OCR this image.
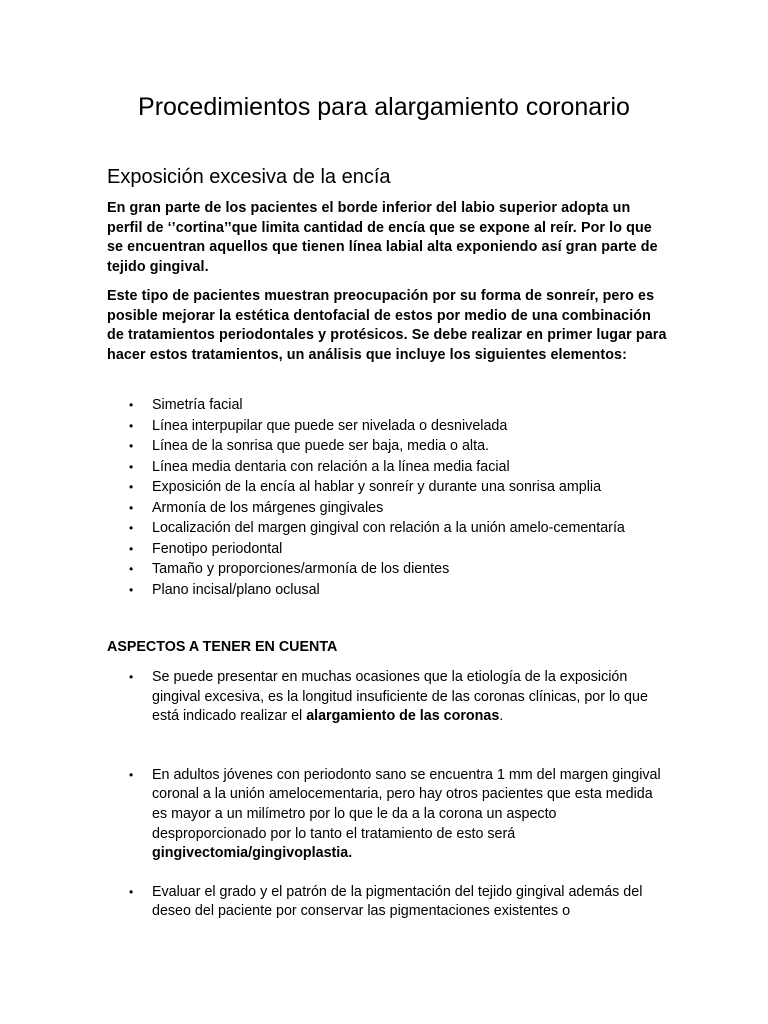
Procedimientos para alargamiento coronario
Exposición excesiva de la encía

En gran parte de los pacientes el borde inferior del labio superior adopta un perfil de ‘’cortina’’que limita cantidad de encía que se expone al reír. Por lo que se encuentran aquellos que tienen línea labial alta exponiendo así gran parte de tejido gingival.

Este tipo de pacientes muestran preocupación por su forma de sonreír, pero es posible mejorar la estética dentofacial de estos por medio de una combinación de tratamientos periodontales y protésicos. Se debe realizar en primer lugar para hacer estos tratamientos, un análisis que incluye los siguientes elementos:

• Simetría facial
• Línea interpupilar que puede ser nivelada o desnivelada
• Línea de la sonrisa que puede ser baja, media o alta.
• Línea media dentaria con relación a la línea media facial
• Exposición de la encía al hablar y sonreír y durante una sonrisa amplia
• Armonía de los márgenes gingivales
• Localización del margen gingival con relación a la unión amelo-cementaría
• Fenotipo periodontal
• Tamaño y proporciones/armonía de los dientes
• Plano incisal/plano oclusal
ASPECTOS A TENER EN CUENTA
• Se puede presentar en muchas ocasiones que la etiología de la exposición gingival excesiva, es la longitud insuficiente de las coronas clínicas, por lo que está indicado realizar el alargamiento de las coronas.
• En adultos jóvenes con periodonto sano se encuentra 1 mm del margen gingival coronal a la unión amelocementaria, pero hay otros pacientes que esta medida es mayor a un milímetro por lo que le da a la corona un aspecto desproporcionado por lo tanto el tratamiento de esto será gingivectomia/gingivoplastia.
• Evaluar el grado y el patrón de la pigmentación del tejido gingival además del deseo del paciente por conservar las pigmentaciones existentes o
